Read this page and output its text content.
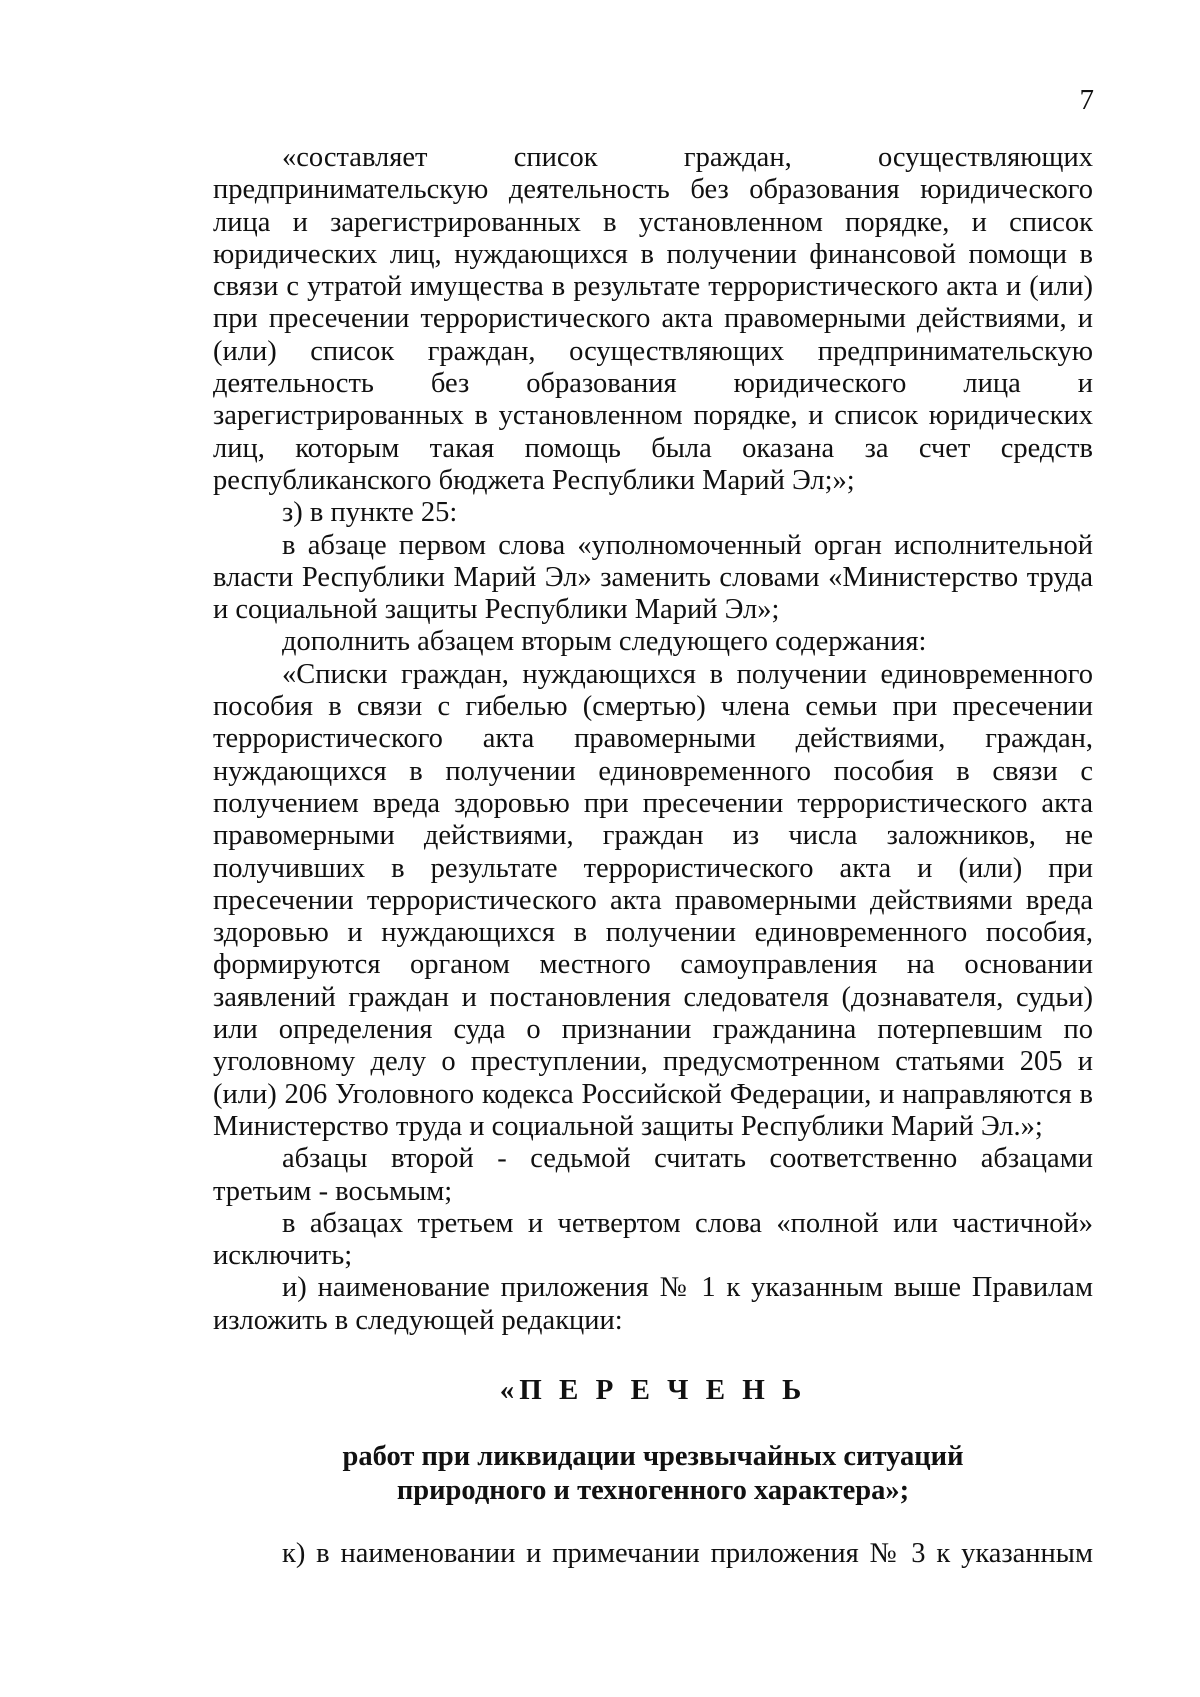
7

«составляет список граждан, осуществляющих предпринимательскую деятельность без образования юридического лица и зарегистрированных в установленном порядке, и список юридических лиц, нуждающихся в получении финансовой помощи в связи с утратой имущества в результате террористического акта и (или) при пресечении террористического акта правомерными действиями, и (или) список граждан, осуществляющих предпринимательскую деятельность без образования юридического лица и зарегистрированных в установленном порядке, и список юридических лиц, которым такая помощь была оказана за счет средств республиканского бюджета Республики Марий Эл;»;

з) в пункте 25:

в абзаце первом слова «уполномоченный орган исполнительной власти Республики Марий Эл» заменить словами «Министерство труда и социальной защиты Республики Марий Эл»;

дополнить абзацем вторым следующего содержания:

«Списки граждан, нуждающихся в получении единовременного пособия в связи с гибелью (смертью) члена семьи при пресечении террористического акта правомерными действиями, граждан, нуждающихся в получении единовременного пособия в связи с получением вреда здоровью при пресечении террористического акта правомерными действиями, граждан из числа заложников, не получивших в результате террористического акта и (или) при пресечении террористического акта правомерными действиями вреда здоровью и нуждающихся в получении единовременного пособия, формируются органом местного самоуправления на основании заявлений граждан и постановления следователя (дознавателя, судьи) или определения суда о признании гражданина потерпевшим по уголовному делу о преступлении, предусмотренном статьями 205 и (или) 206 Уголовного кодекса Российской Федерации, и направляются в Министерство труда и социальной защиты Республики Марий Эл.»;

абзацы второй - седьмой считать соответственно абзацами третьим - восьмым;

в абзацах третьем и четвертом слова «полной или частичной» исключить;

и) наименование приложения № 1 к указанным выше Правилам изложить в следующей редакции:

«П Е Р Е Ч Е Н Ь
работ при ликвидации чрезвычайных ситуаций
природного и техногенного характера»;
к) в наименовании и примечании приложения № 3 к указанным
